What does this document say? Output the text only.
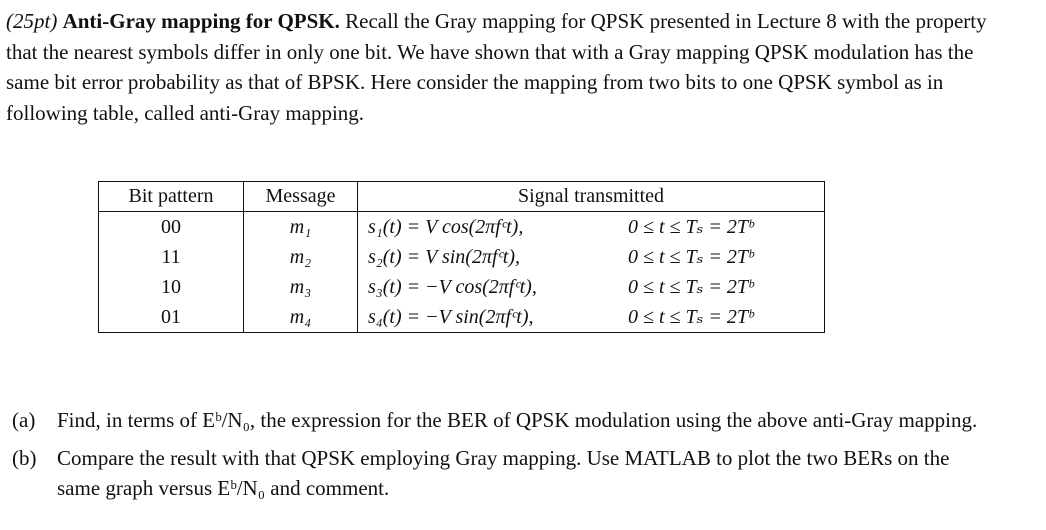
(25pt) Anti-Gray mapping for QPSK. Recall the Gray mapping for QPSK presented in Lecture 8 with the property that the nearest symbols differ in only one bit. We have shown that with a Gray mapping QPSK modulation has the same bit error probability as that of BPSK. Here consider the mapping from two bits to one QPSK symbol as in following table, called anti-Gray mapping.
Bit pattern	Message	Signal transmitted
00	m₁	s₁(t) = V cos(2πfᶜt), 0 ≤ t ≤ Tₛ = 2Tᵇ
11	m₂	s₂(t) = V sin(2πfᶜt), 0 ≤ t ≤ Tₛ = 2Tᵇ
10	m₃	s₃(t) = −V cos(2πfᶜt), 0 ≤ t ≤ Tₛ = 2Tᵇ
01	m₄	s₄(t) = −V sin(2πfᶜt), 0 ≤ t ≤ Tₛ = 2Tᵇ
(a)	Find, in terms of Eᵇ/N₀, the expression for the BER of QPSK modulation using the above anti-Gray mapping.
(b) Compare the result with that QPSK employing Gray mapping. Use MATLAB to plot the two BERs on the same graph versus Eᵇ/N₀ and comment.
